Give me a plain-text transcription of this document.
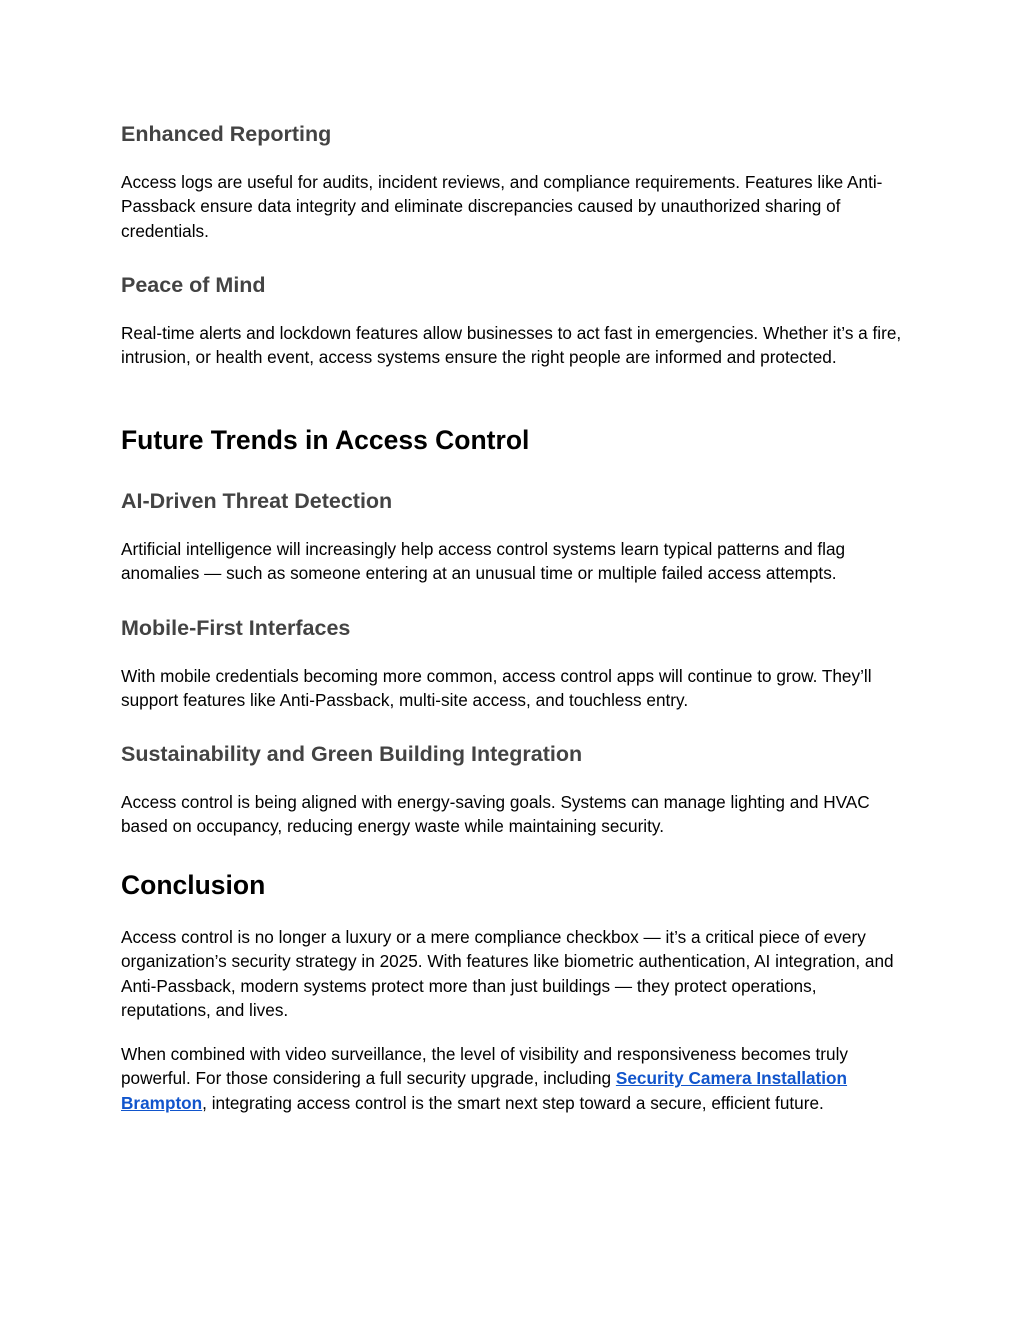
Enhanced Reporting

Access logs are useful for audits, incident reviews, and compliance requirements. Features like Anti-Passback ensure data integrity and eliminate discrepancies caused by unauthorized sharing of credentials.

Peace of Mind

Real-time alerts and lockdown features allow businesses to act fast in emergencies. Whether it’s a fire, intrusion, or health event, access systems ensure the right people are informed and protected.

Future Trends in Access Control
AI-Driven Threat Detection

Artificial intelligence will increasingly help access control systems learn typical patterns and flag anomalies — such as someone entering at an unusual time or multiple failed access attempts.

Mobile-First Interfaces

With mobile credentials becoming more common, access control apps will continue to grow. They’ll support features like Anti-Passback, multi-site access, and touchless entry.

Sustainability and Green Building Integration

Access control is being aligned with energy-saving goals. Systems can manage lighting and HVAC based on occupancy, reducing energy waste while maintaining security.

Conclusion

Access control is no longer a luxury or a mere compliance checkbox — it’s a critical piece of every organization’s security strategy in 2025. With features like biometric authentication, AI integration, and Anti-Passback, modern systems protect more than just buildings — they protect operations, reputations, and lives.

When combined with video surveillance, the level of visibility and responsiveness becomes truly powerful. For those considering a full security upgrade, including Security Camera Installation Brampton, integrating access control is the smart next step toward a secure, efficient future.
